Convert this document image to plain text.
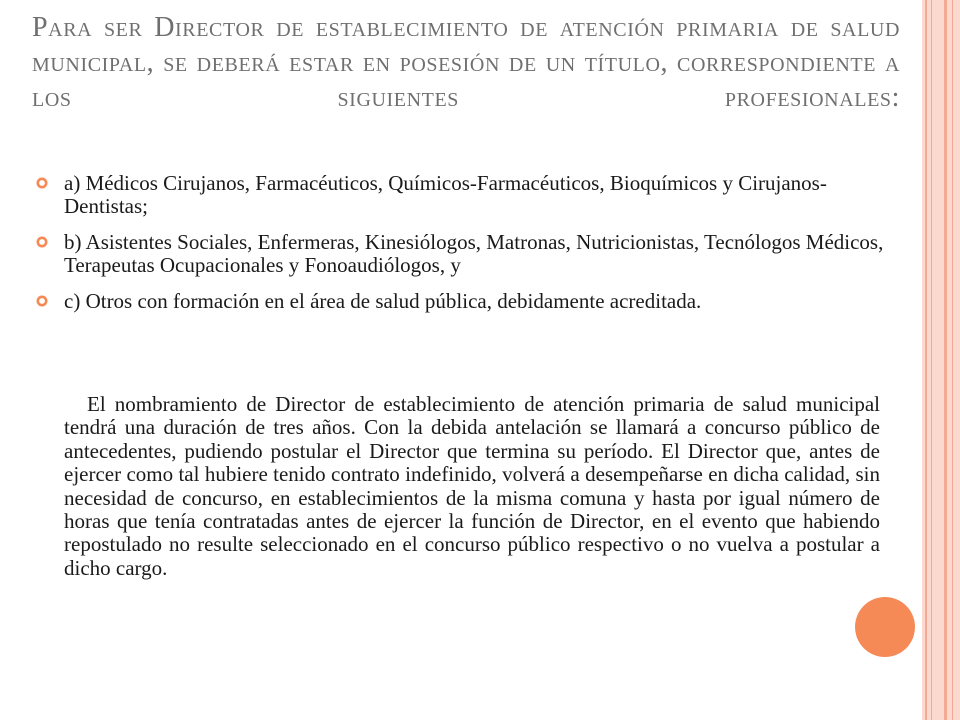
Para ser Director de establecimiento de atención primaria de salud municipal, se deberá estar en posesión de un título, correspondiente a los siguientes profesionales:
a) Médicos Cirujanos, Farmacéuticos, Químicos-Farmacéuticos, Bioquímicos y Cirujanos-Dentistas;
b) Asistentes Sociales, Enfermeras, Kinesiólogos, Matronas, Nutricionistas, Tecnólogos Médicos, Terapeutas Ocupacionales y Fonoaudiólogos, y
c) Otros con formación en el área de salud pública, debidamente acreditada.

El nombramiento de Director de establecimiento de atención primaria de salud municipal tendrá una duración de tres años. Con la debida antelación se llamará a concurso público de antecedentes, pudiendo postular el Director que termina su período. El Director que, antes de ejercer como tal hubiere tenido contrato indefinido, volverá a desempeñarse en dicha calidad, sin necesidad de concurso, en establecimientos de la misma comuna y hasta por igual número de horas que tenía contratadas antes de ejercer la función de Director, en el evento que habiendo repostulado no resulte seleccionado en el concurso público respectivo o no vuelva a postular a dicho cargo.
